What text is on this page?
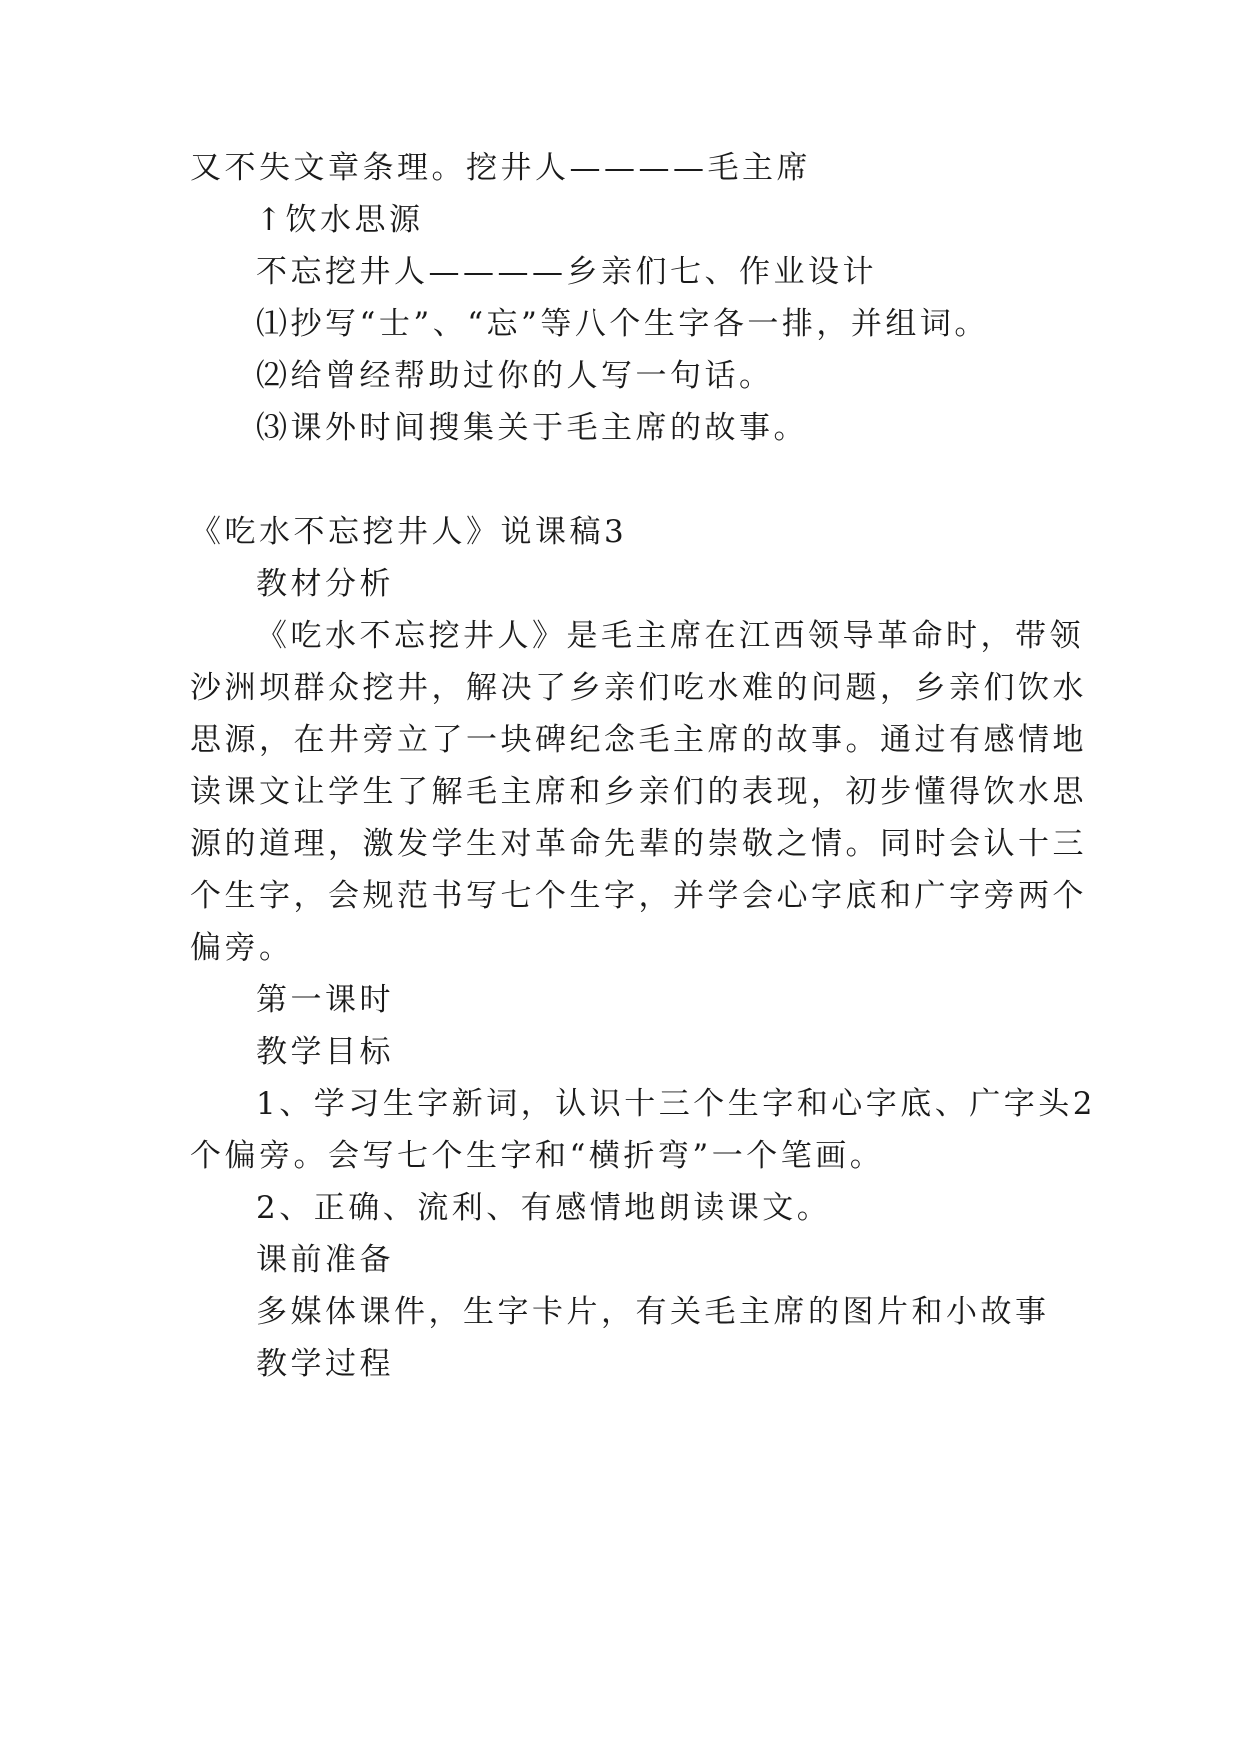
又不失文章条理。挖井人————毛主席
↑饮水思源
不忘挖井人————乡亲们七、作业设计
⑴抄写“士”、“忘”等八个生字各一排，并组词。
⑵给曾经帮助过你的人写一句话。
⑶课外时间搜集关于毛主席的故事。
《吃水不忘挖井人》说课稿3
教材分析
《吃水不忘挖井人》是毛主席在江西领导革命时，带领
沙洲坝群众挖井，解决了乡亲们吃水难的问题，乡亲们饮水
思源，在井旁立了一块碑纪念毛主席的故事。通过有感情地
读课文让学生了解毛主席和乡亲们的表现，初步懂得饮水思
源的道理，激发学生对革命先辈的崇敬之情。同时会认十三
个生字，会规范书写七个生字，并学会心字底和广字旁两个
偏旁。
第一课时
教学目标
1、学习生字新词，认识十三个生字和心字底、广字头2
个偏旁。会写七个生字和“横折弯”一个笔画。
2、正确、流利、有感情地朗读课文。
课前准备
多媒体课件，生字卡片，有关毛主席的图片和小故事
教学过程
